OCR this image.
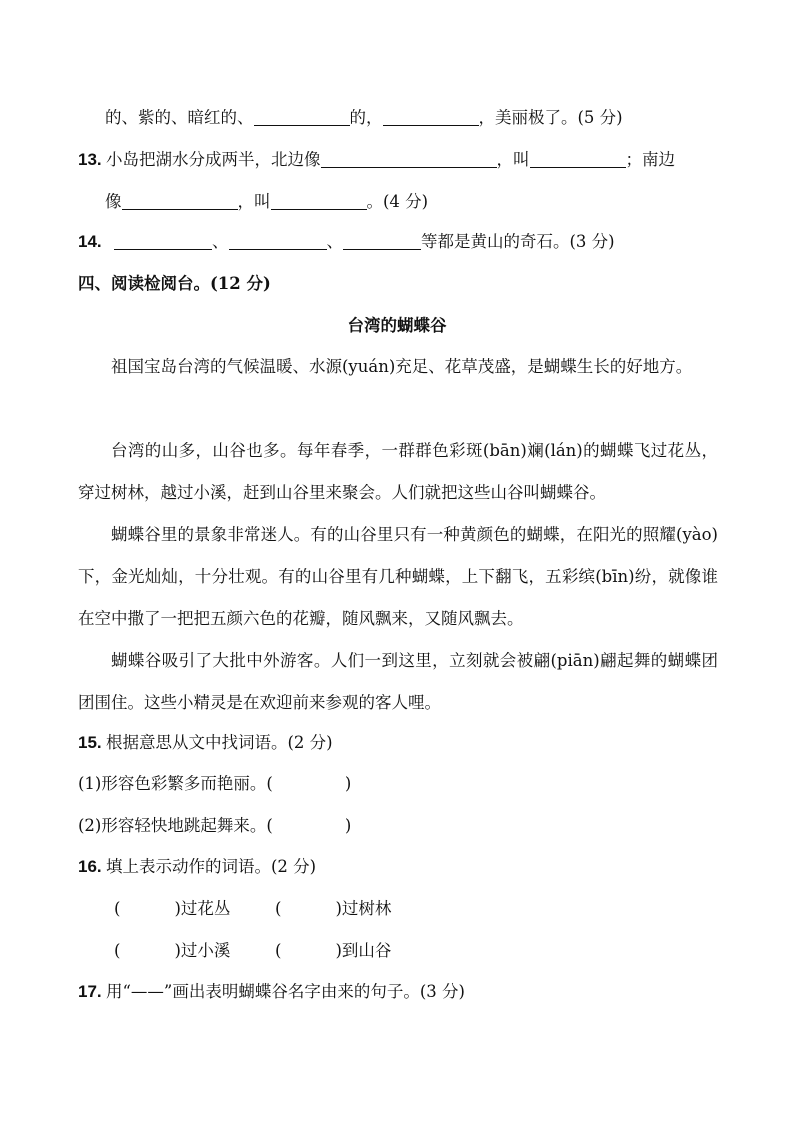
的、紫的、暗红的、	的，	，美丽极了。(5 分)
13. 小岛把湖水分成两半，北边像	，叫	；南边
像	，叫	。(4 分)
14.	、	、	等都是黄山的奇石。(3 分)
四、阅读检阅台。(12 分)
台湾的蝴蝶谷
祖国宝岛台湾的气候温暖、水源(yuán)充足、花草茂盛，是蝴蝶生长的好地方。
台湾的山多，山谷也多。每年春季，一群群色彩斑(bān)斓(lán)的蝴蝶飞过花丛，穿过树林，越过小溪，赶到山谷里来聚会。人们就把这些山谷叫蝴蝶谷。
蝴蝶谷里的景象非常迷人。有的山谷里只有一种黄颜色的蝴蝶，在阳光的照耀(yào)下，金光灿灿，十分壮观。有的山谷里有几种蝴蝶，上下翻飞，五彩缤(bīn)纷，就像谁在空中撒了一把把五颜六色的花瓣，随风飘来，又随风飘去。
蝴蝶谷吸引了大批中外游客。人们一到这里，立刻就会被翩(piān)翩起舞的蝴蝶团团围住。这些小精灵是在欢迎前来参观的客人哩。
15. 根据意思从文中找词语。(2 分)
(1)形容色彩繁多而艳丽。(	)
(2)形容轻快地跳起舞来。(	)
16. 填上表示动作的词语。(2 分)
(	)过花丛	(	)过树林
(	)过小溪	(	)到山谷
17. 用“——”画出表明蝴蝶谷名字由来的句子。(3 分)
